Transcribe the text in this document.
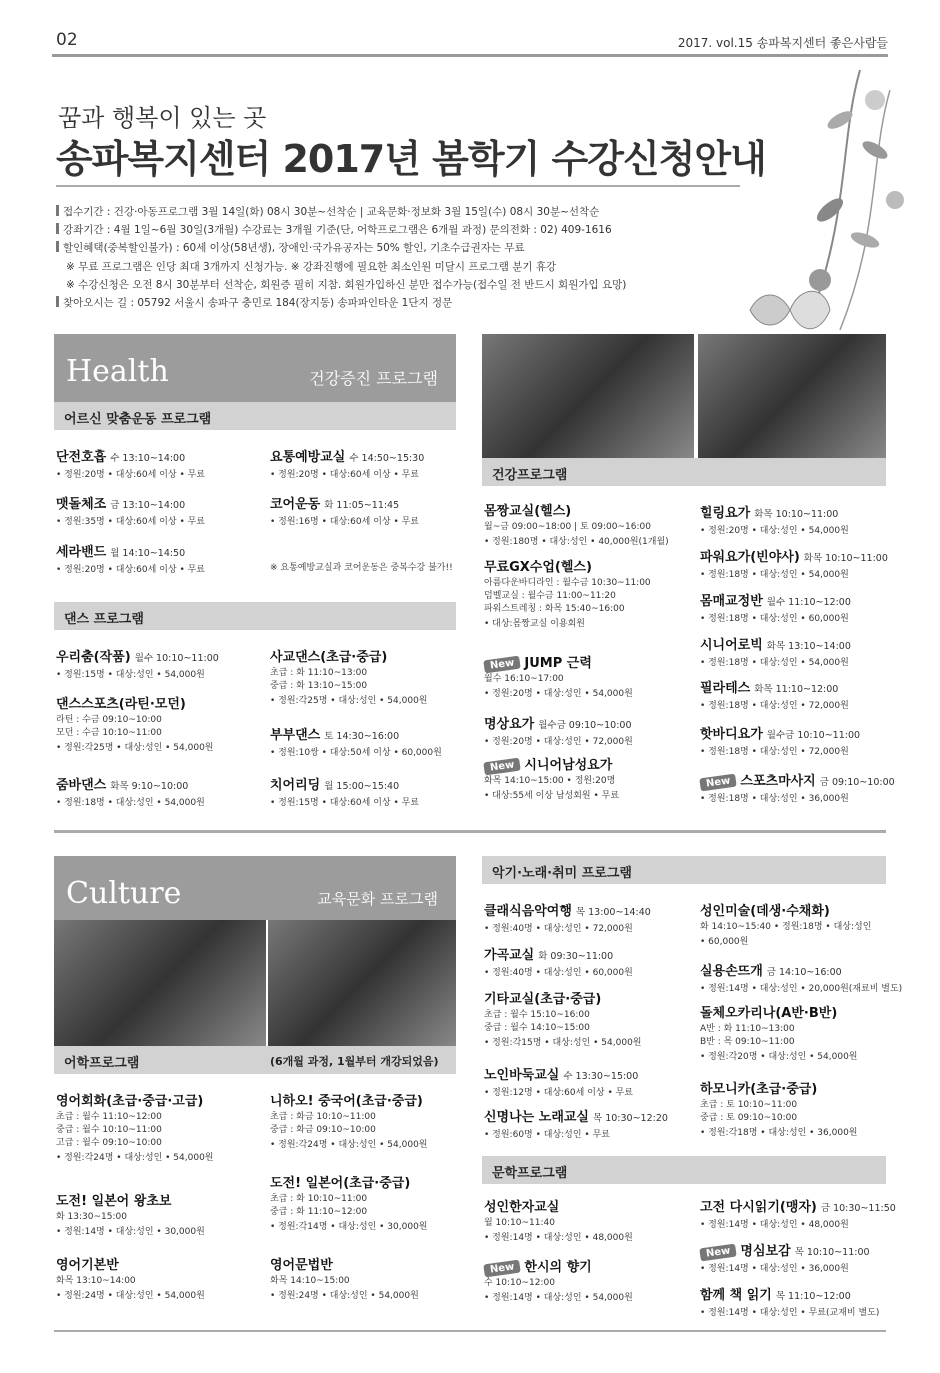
02	2017. vol.15 송파복지센터 좋은사람들
꿈과 행복이 있는 곳
송파복지센터 2017년 봄학기 수강신청안내
접수기간 : 건강·아동프로그램 3월 14일(화) 08시 30분~선착순 | 교육문화·정보화 3월 15일(수) 08시 30분~선착순
강좌기간 : 4월 1일~6월 30일(3개월) 수강료는 3개월 기준(단, 어학프로그램은 6개월 과정) 문의전화 : 02) 409-1616
할인혜택(중복할인불가) : 60세 이상(58년생), 장애인·국가유공자는 50% 할인, 기초수급권자는 무료
※ 무료 프로그램은 인당 최대 3개까지 신청가능. ※ 강좌진행에 필요한 최소인원 미달시 프로그램 분기 휴강
※ 수강신청은 오전 8시 30분부터 선착순, 회원증 필히 지참. 회원가입하신 분만 접수가능(접수일 전 반드시 회원가입 요망)
찾아오시는 길 : 05792 서울시 송파구 충민로 184(장지동) 송파파인타운 1단지 정문
Health	건강증진 프로그램
어르신 맞춤운동 프로그램
건강프로그램
단전호흡 수 13:10~14:00
• 정원:20명 • 대상:60세 이상 • 무료
요통예방교실 수 14:50~15:30
• 정원:20명 • 대상:60세 이상 • 무료
맷돌체조 금 13:10~14:00
• 정원:35명 • 대상:60세 이상 • 무료
코어운동 화 11:05~11:45
• 정원:16명 • 대상:60세 이상 • 무료
세라밴드 월 14:10~14:50
• 정원:20명 • 대상:60세 이상 • 무료	※ 요통예방교실과 코어운동은 중복수강 불가!!
댄스 프로그램
우리춤(작품) 월수 10:10~11:00
• 정원:15명 • 대상:성인 • 54,000원
사교댄스(초급·중급)
초급 : 화 11:10~13:00
중급 : 화 13:10~15:00
• 정원:각25명 • 대상:성인 • 54,000원
댄스스포츠(라틴·모던)
라틴 : 수금 09:10~10:00
모던 : 수금 10:10~11:00
• 정원:각25명 • 대상:성인 • 54,000원
부부댄스 토 14:30~16:00
• 정원:10쌍 • 대상:50세 이상 • 60,000원
줌바댄스 화목 9:10~10:00
• 정원:18명 • 대상:성인 • 54,000원
치어리딩 월 15:00~15:40
• 정원:15명 • 대상:60세 이상 • 무료
몸짱교실(헬스)
월~금 09:00~18:00 | 토 09:00~16:00
• 정원:180명 • 대상:성인 • 40,000원(1개월)
무료GX수업(헬스)
아름다운바디라인 : 월수금 10:30~11:00
덤벨교실 : 월수금 11:00~11:20
파워스트레칭 : 화목 15:40~16:00
• 대상:몸짱교실 이용회원
New JUMP 근력
월수 16:10~17:00
• 정원:20명 • 대상:성인 • 54,000원
명상요가 월수금 09:10~10:00
• 정원:20명 • 대상:성인 • 72,000원
New 시니어남성요가
화목 14:10~15:00 • 정원:20명
• 대상:55세 이상 남성회원 • 무료
힐링요가 화목 10:10~11:00
• 정원:20명 • 대상:성인 • 54,000원
파워요가(빈야사) 화목 10:10~11:00
• 정원:18명 • 대상:성인 • 54,000원
몸매교정반 월수 11:10~12:00
• 정원:18명 • 대상:성인 • 60,000원
시니어로빅 화목 13:10~14:00
• 정원:18명 • 대상:성인 • 54,000원
필라테스 화목 11:10~12:00
• 정원:18명 • 대상:성인 • 72,000원
핫바디요가 월수금 10:10~11:00
• 정원:18명 • 대상:성인 • 72,000원
New 스포츠마사지 금 09:10~10:00
• 정원:18명 • 대상:성인 • 36,000원
Culture	교육문화 프로그램
어학프로그램	(6개월 과정, 1월부터 개강되었음)
악기·노래·취미 프로그램
문학프로그램
영어회화(초급·중급·고급)
초급 : 월수 11:10~12:00
중급 : 월수 10:10~11:00
고급 : 월수 09:10~10:00
• 정원:각24명 • 대상:성인 • 54,000원
니하오! 중국어(초급·중급)
초급 : 화금 10:10~11:00
중급 : 화금 09:10~10:00
• 정원:각24명 • 대상:성인 • 54,000원
도전! 일본어 왕초보
화 13:30~15:00
• 정원:14명 • 대상:성인 • 30,000원
도전! 일본어(초급·중급)
초급 : 화 10:10~11:00
중급 : 화 11:10~12:00
• 정원:각14명 • 대상:성인 • 30,000원
영어기본반
화목 13:10~14:00
• 정원:24명 • 대상:성인 • 54,000원
영어문법반
화목 14:10~15:00
• 정원:24명 • 대상:성인 • 54,000원
클래식음악여행 목 13:00~14:40
• 정원:40명 • 대상:성인 • 72,000원
가곡교실 화 09:30~11:00
• 정원:40명 • 대상:성인 • 60,000원
기타교실(초급·중급)
초급 : 월수 15:10~16:00
중급 : 월수 14:10~15:00
• 정원:각15명 • 대상:성인 • 54,000원
노인바둑교실 수 13:30~15:00
• 정원:12명 • 대상:60세 이상 • 무료
신명나는 노래교실 목 10:30~12:20
• 정원:60명 • 대상:성인 • 무료
성인미술(데생·수채화)
화 14:10~15:40 • 정원:18명 • 대상:성인
• 60,000원
실용손뜨개 금 14:10~16:00
• 정원:14명 • 대상:성인 • 20,000원(재료비 별도)
돌체오카리나(A반·B반)
A반 : 화 11:10~13:00
B반 : 목 09:10~11:00
• 정원:각20명 • 대상:성인 • 54,000원
하모니카(초급·중급)
초급 : 토 10:10~11:00
중급 : 토 09:10~10:00
• 정원:각18명 • 대상:성인 • 36,000원
성인한자교실
월 10:10~11:40
• 정원:14명 • 대상:성인 • 48,000원
New 한시의 향기
수 10:10~12:00
• 정원:14명 • 대상:성인 • 54,000원
고전 다시읽기(맹자) 금 10:30~11:50
• 정원:14명 • 대상:성인 • 48,000원
New 명심보감 목 10:10~11:00
• 정원:14명 • 대상:성인 • 36,000원
함께 책 읽기 목 11:10~12:00
• 정원:14명 • 대상:성인 • 무료(교재비 별도)
